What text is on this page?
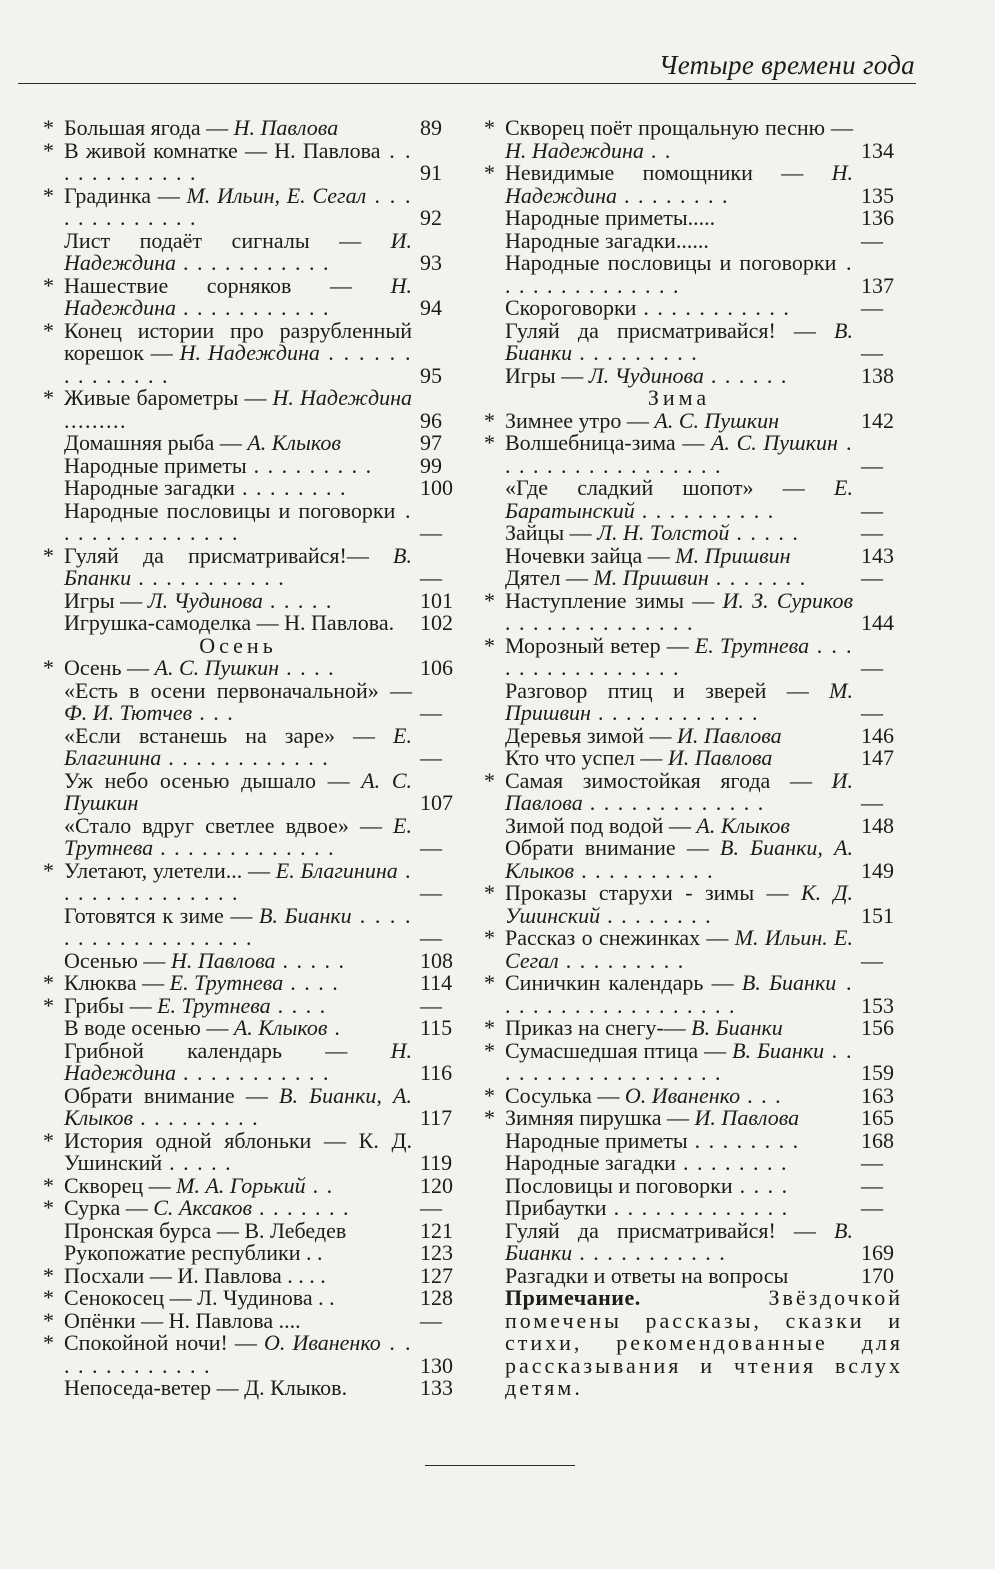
Четыре времени года
* Большая ягода — Н. Павлова	89
* В живой комнатке — Н. Павлова . . . . . . . . . . . .	91
* Градинка — М. Ильин, Е. Сегал . . . . . . . . . . . . .	92
Лист подаёт сигналы — И. Надеждина . . . . . . . . . . .	93
* Нашествие сорняков — Н. Надеждина . . . . . . . . . . .	94
* Конец истории про разрубленный корешок — Н. Надеждина . . . . . . . . . . . . . .	95
* Живые барометры — Н. Надеждина .........	96
Домашняя рыба — А. Клыков	97
Народные приметы . . . . . . . . . 99
Народные загадки . . . . . . . .	100
Народные пословицы и поговорки . . . . . . . . . . . . . .	—
* Гуляй да присматривайся!— В. Бпанки . . . . . . . . . . .	—
Игры — Л. Чудинова . . . . .	101
Игрушка-самоделка — Н. Павлова. 102
Осень
* Осень — А. С. Пушкин . . . .	106
«Есть в осени первоначальной» — Ф. И. Тютчев . . .	—
«Если встанешь на заре» — Е. Благинина . . . . . . . . . . . .	—
Уж небо осенью дышало — А. С. Пушкин	107
«Стало вдруг светлее вдвое» — Е. Трутнева . . . . . . . . . . . . .	—
* Улетают, улетели... — Е. Благинина . . . . . . . . . . . . . .	—
Готовятся к зиме — В. Бианки . . . . . . . . . . . . . . . . . .	—
Осенью — Н. Павлова . . . . .	108
* Клюква — Е. Трутнева . . . .	114
* Грибы — Е. Трутнева . . . .	—
В воде осенью — А. Клыков .	115
Грибной календарь — Н. Надеждина . . . . . . . . . . .	116
Обрати внимание — В. Бианки, А. Клыков . . . . . . . . .	117
* История одной яблоньки — К. Д. Ушинский . . . . .	119
* Скворец — М. А. Горький . .	120
* Сурка — С. Аксаков . . . . . . .	—
Пронская бурса — В. Лебедев	121
Рукопожатие республики . .	123
* Посхали — И. Павлова . . . .	127
* Сенокосец — Л. Чудинова . .	128
* Опёнки — Н. Павлова ....	—
* Спокойной ночи! — О. Иваненко . . . . . . . . . . . . .	130
Непоседа-ветер — Д. Клыков.	133
* Скворец поёт прощальную песню — Н. Надеждина . .	134
* Невидимые помощники — Н. Надеждина . . . . . . . .	135
Народные приметы.....	136
Народные загадки......	—
Народные пословицы и поговорки . . . . . . . . . . . . . .	137
Скороговорки . . . . . . . . . . .	—
Гуляй да присматривайся! — В. Бианки . . . . . . . . .	—
Игры — Л. Чудинова . . . . . .	138
Зима
* Зимнее утро — А. С. Пушкин	142
* Волшебница-зима — А. С. Пушкин . . . . . . . . . . . . . . . . .	—
«Где сладкий шопот» — Е. Баратынский . . . . . . . . . .	—
Зайцы — Л. Н. Толстой . . . . .	—
Ночевки зайца — М. Пришвин	143
Дятел — М. Пришвин . . . . . . . —
* Наступление зимы — И. З. Суриков . . . . . . . . . . . . . .	144
* Морозный ветер — Е. Трутнева . . . . . . . . . . . . . . . .	—
Разговор птиц и зверей — М. Пришвин . . . . . . . . . . . .	—
Деревья зимой — И. Павлова	146
Кто что успел — И. Павлова	147
* Самая зимостойкая ягода — И. Павлова . . . . . . . . . . . . .	—
Зимой под водой — А. Клыков	148
Обрати внимание — В. Бианки, А. Клыков . . . . . . . . . .	149
* Проказы старухи - зимы — К. Д. Ушинский . . . . . . . .	151
* Рассказ о снежинках — М. Ильин. Е. Сегал . . . . . . . . .	—
* Синичкин календарь — В. Бианки . . . . . . . . . . . . . . . . . .	153
* Приказ на снегу-— В. Бианки	156
* Сумасшедшая птица — В. Бианки . . . . . . . . . . . . . . . . . .	159
* Сосулька — О. Иваненко . . .	163
* Зимняя пирушка — И. Павлова	165
Народные приметы . . . . . . . .	168
Народные загадки . . . . . . . .	—
Пословицы и поговорки . . . .	—
Прибаутки . . . . . . . . . . . . .	—
Гуляй да присматривайся! — В. Бианки . . . . . . . . . . .	169
Разгадки и ответы на вопросы	170
Примечание. Звёздочкой помечены рассказы, сказки и стихи, рекомендованные для рассказывания и чтения вслух детям.
